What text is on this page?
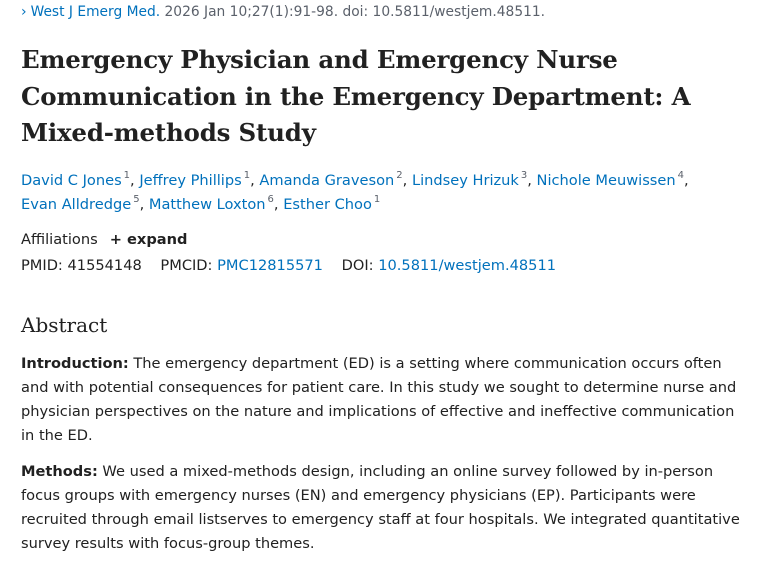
› West J Emerg Med. 2026 Jan 10;27(1):91-98. doi: 10.5811/westjem.48511.
Emergency Physician and Emergency Nurse Communication in the Emergency Department: A Mixed-methods Study
David C Jones $^1$, Jeffrey Phillips $^1$, Amanda Graveson $^2$, Lindsey Hrizuk $^3$, Nichole Meuwissen $^4$,
Evan Alldredge $^5$, Matthew Loxton $^6$, Esther Choo $^1$
Affiliations + expand
PMID: 41554148 PMCID: PMC12815571 DOI: 10.5811/westjem.48511
Abstract

Introduction: The emergency department (ED) is a setting where communication occurs often and with potential consequences for patient care. In this study we sought to determine nurse and physician perspectives on the nature and implications of effective and ineffective communication in the ED.

Methods: We used a mixed-methods design, including an online survey followed by in-person focus groups with emergency nurses (EN) and emergency physicians (EP). Participants were recruited through email listserves to emergency staff at four hospitals. We integrated quantitative survey results with focus-group themes.
